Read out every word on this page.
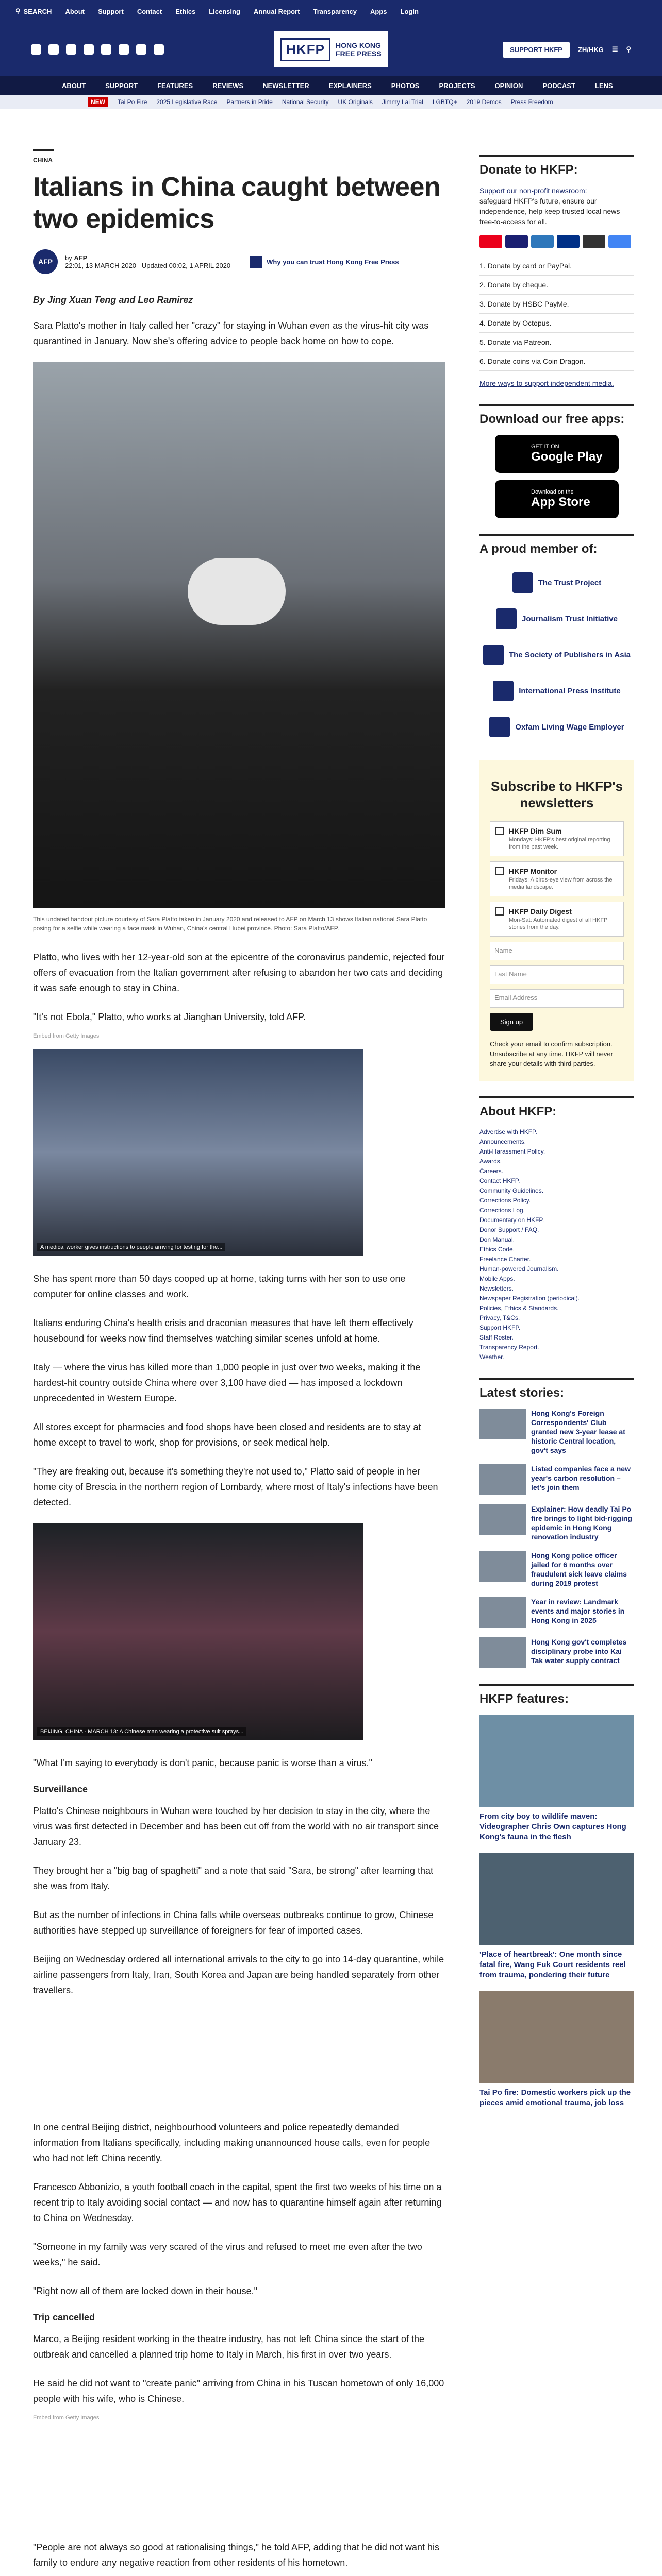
⚲ SEARCH About Support Contact Ethics Licensing Annual Report Transparency Apps Login
HKFP	HONG KONG
FREE PRESS	SUPPORT HKFP	ZH/HKG ☰ ⚲
ABOUT	SUPPORT	FEATURES	REVIEWS	NEWSLETTER	EXPLAINERS	PHOTOS	PROJECTS	OPINION	PODCAST	LENS
NEW	Tai Po Fire 2025 Legislative Race Partners in Pride National Security UK Originals Jimmy Lai Trial LGBTQ+ 2019 Demos Press Freedom
CHINA
Italians in China caught between two epidemics
AFP	by AFP
22:01, 13 MARCH 2020 Updated 00:02, 1 APRIL 2020	Why you can trust Hong Kong Free Press
By Jing Xuan Teng and Leo Ramirez

Sara Platto's mother in Italy called her "crazy" for staying in Wuhan even as the virus-hit city was quarantined in January. Now she's offering advice to people back home on how to cope.

This undated handout picture courtesy of Sara Platto taken in January 2020 and released to AFP on March 13 shows Italian national Sara Platto posing for a selfie while wearing a face mask in Wuhan, China's central Hubei province. Photo: Sara Platto/AFP.

Platto, who lives with her 12-year-old son at the epicentre of the coronavirus pandemic, rejected four offers of evacuation from the Italian government after refusing to abandon her two cats and deciding it was safe enough to stay in China.

"It's not Ebola," Platto, who works at Jianghan University, told AFP.

Embed from Getty Images
A medical worker gives instructions to people arriving for testing for the...

She has spent more than 50 days cooped up at home, taking turns with her son to use one computer for online classes and work.

Italians enduring China's health crisis and draconian measures that have left them effectively housebound for weeks now find themselves watching similar scenes unfold at home.

Italy — where the virus has killed more than 1,000 people in just over two weeks, making it the hardest-hit country outside China where over 3,100 have died — has imposed a lockdown unprecedented in Western Europe.

All stores except for pharmacies and food shops have been closed and residents are to stay at home except to travel to work, shop for provisions, or seek medical help.

"They are freaking out, because it's something they're not used to," Platto said of people in her home city of Brescia in the northern region of Lombardy, where most of Italy's infections have been detected.

BEIJING, CHINA - MARCH 13: A Chinese man wearing a protective suit sprays...

"What I'm saying to everybody is don't panic, because panic is worse than a virus."

Surveillance

Platto's Chinese neighbours in Wuhan were touched by her decision to stay in the city, where the virus was first detected in December and has been cut off from the world with no air transport since January 23.

They brought her a "big bag of spaghetti" and a note that said "Sara, be strong" after learning that she was from Italy.

But as the number of infections in China falls while overseas outbreaks continue to grow, Chinese authorities have stepped up surveillance of foreigners for fear of imported cases.

Beijing on Wednesday ordered all international arrivals to the city to go into 14-day quarantine, while airline passengers from Italy, Iran, South Korea and Japan are being handled separately from other travellers.

In one central Beijing district, neighbourhood volunteers and police repeatedly demanded information from Italians specifically, including making unannounced house calls, even for people who had not left China recently.

Francesco Abbonizio, a youth football coach in the capital, spent the first two weeks of his time on a recent trip to Italy avoiding social contact — and now has to quarantine himself again after returning to China on Wednesday.

"Someone in my family was very scared of the virus and refused to meet me even after the two weeks," he said.

"Right now all of them are locked down in their house."

Trip cancelled

Marco, a Beijing resident working in the theatre industry, has not left China since the start of the outbreak and cancelled a planned trip home to Italy in March, his first in over two years.

He said he did not want to "create panic" arriving from China in his Tuscan hometown of only 16,000 people with his wife, who is Chinese.

Embed from Getty Images

"People are not always so good at rationalising things," he told AFP, adding that he did not want his family to endure any negative reaction from other residents of his hometown.

Donate to HKFP:
Support our non-profit newsroom:
safeguard HKFP's future, ensure our independence, help keep trusted local news free-to-access for all.
1. Donate by card or PayPal.
2. Donate by cheque.
3. Donate by HSBC PayMe.
4. Donate by Octopus.
5. Donate via Patreon.
6. Donate coins via Coin Dragon.
More ways to support independent media.
Download our free apps:
GET IT ON
Google Play
Download on the
App Store
A proud member of:
The Trust Project
Journalism Trust Initiative
The Society of Publishers in Asia
International Press Institute
Oxfam Living Wage Employer
Subscribe to HKFP's newsletters
HKFP Dim Sum
Mondays: HKFP's best original reporting from the past week.
HKFP Monitor
Fridays: A birds-eye view from across the media landscape.
HKFP Daily Digest
Mon-Sat: Automated digest of all HKFP stories from the day.
Name
Last Name
Email Address
Sign up
Check your email to confirm subscription. Unsubscribe at any time. HKFP will never share your details with third parties.
About HKFP:
Advertise with HKFP.
Announcements.
Anti-Harassment Policy.
Awards.
Careers.
Contact HKFP.
Community Guidelines.
Corrections Policy.
Corrections Log.
Documentary on HKFP.
Donor Support / FAQ.
Don Manual.
Ethics Code.
Freelance Charter.
Human-powered Journalism.
Mobile Apps.
Newsletters.
Newspaper Registration (periodical).
Policies, Ethics & Standards.
Privacy, T&Cs.
Support HKFP.
Staff Roster.
Transparency Report.
Weather.
Latest stories:
Hong Kong's Foreign Correspondents' Club granted new 3-year lease at historic Central location, gov't says
Listed companies face a new year's carbon resolution – let's join them
Explainer: How deadly Tai Po fire brings to light bid-rigging epidemic in Hong Kong renovation industry
Hong Kong police officer jailed for 6 months over fraudulent sick leave claims during 2019 protest
Year in review: Landmark events and major stories in Hong Kong in 2025
Hong Kong gov't completes disciplinary probe into Kai Tak water supply contract
HKFP features:
From city boy to wildlife maven: Videographer Chris Own captures Hong Kong's fauna in the flesh
'Place of heartbreak': One month since fatal fire, Wang Fuk Court residents reel from trauma, pondering their future
Tai Po fire: Domestic workers pick up the pieces amid emotional trauma, job loss
